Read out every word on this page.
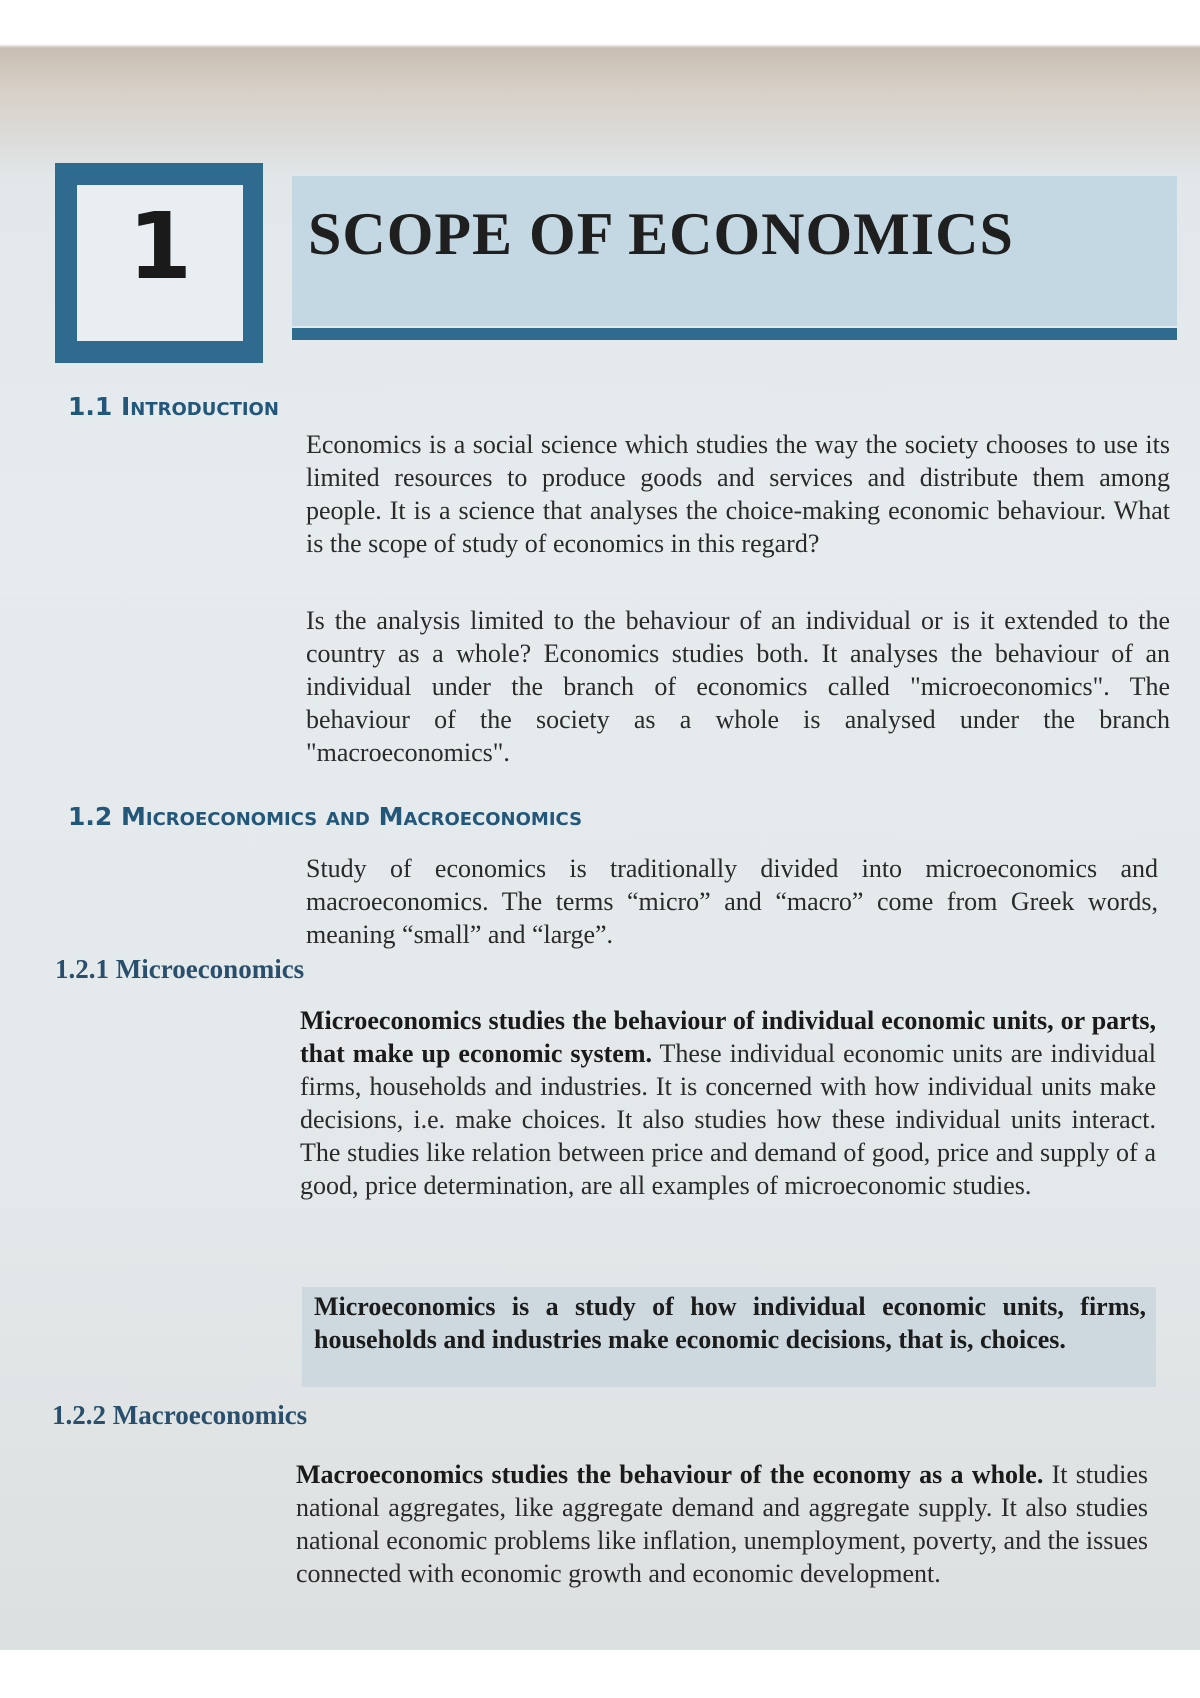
1	SCOPE OF ECONOMICS
1.1 Introduction

Economics is a social science which studies the way the society chooses to use its limited resources to produce goods and services and distribute them among people. It is a science that analyses the choice-making economic behaviour. What is the scope of study of economics in this regard?

Is the analysis limited to the behaviour of an individual or is it extended to the country as a whole? Economics studies both. It analyses the behaviour of an individual under the branch of economics called "microeconomics". The behaviour of the society as a whole is analysed under the branch "macroeconomics".

1.2 Microeconomics and Macroeconomics

Study of economics is traditionally divided into microeconomics and macroeconomics. The terms “micro” and “macro” come from Greek words, meaning “small” and “large”.

1.2.1 Microeconomics

Microeconomics studies the behaviour of individual economic units, or parts, that make up economic system. These individual economic units are individual firms, households and industries. It is concerned with how individual units make decisions, i.e. make choices. It also studies how these individual units interact. The studies like relation between price and demand of good, price and supply of a good, price determination, are all examples of microeconomic studies.

Microeconomics is a study of how individual economic units, firms, households and industries make economic decisions, that is, choices.

1.2.2 Macroeconomics

Macroeconomics studies the behaviour of the economy as a whole. It studies national aggregates, like aggregate demand and aggregate supply. It also studies national economic problems like inflation, unemployment, poverty, and the issues connected with economic growth and economic development.
